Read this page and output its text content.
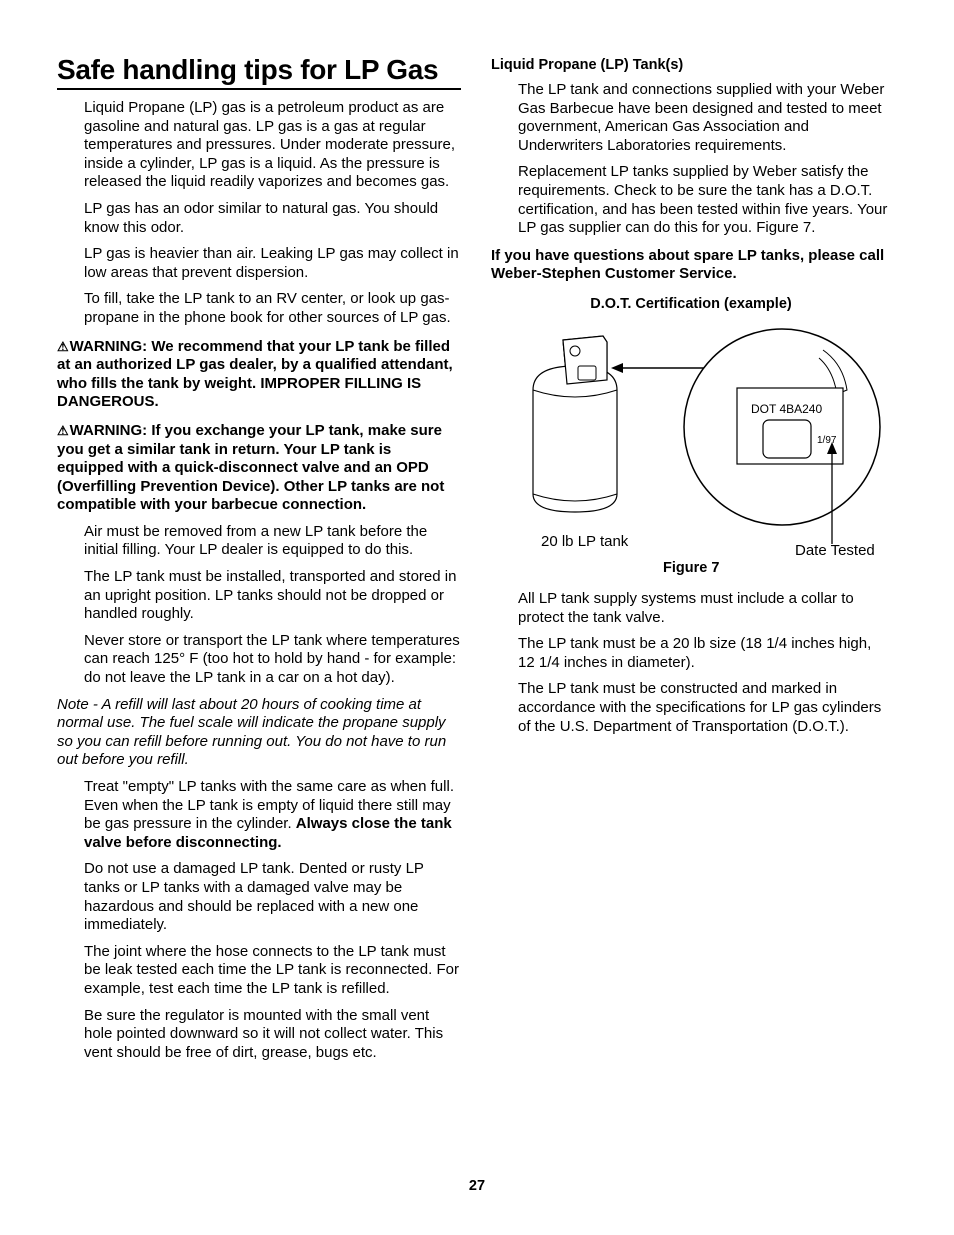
Safe handling tips for LP Gas

Liquid Propane (LP) gas is a petroleum product as are gasoline and natural gas. LP gas is a gas at regular temperatures and pressures. Under moderate pressure, inside a cylinder, LP gas is a liquid. As the pressure is released the liquid readily vaporizes and becomes gas.

LP gas has an odor similar to natural gas. You should know this odor.

LP gas is heavier than air. Leaking LP gas may collect in low areas that prevent dispersion.

To fill, take the LP tank to an RV center, or look up gas-propane in the phone book for other sources of LP gas.

⚠WARNING: We recommend that your LP tank be filled at an authorized LP gas dealer, by a qualified attendant, who fills the tank by weight. IMPROPER FILLING IS DANGEROUS.

⚠WARNING: If you exchange your LP tank, make sure you get a similar tank in return. Your LP tank is equipped with a quick-disconnect valve and an OPD (Overfilling Prevention Device). Other LP tanks are not compatible with your barbecue connection.

Air must be removed from a new LP tank before the initial filling. Your LP dealer is equipped to do this.

The LP tank must be installed, transported and stored in an upright position. LP tanks should not be dropped or handled roughly.

Never store or transport the LP tank where temperatures can reach 125° F (too hot to hold by hand - for example: do not leave the LP tank in a car on a hot day).

Note - A refill will last about 20 hours of cooking time at normal use. The fuel scale will indicate the propane supply so you can refill before running out. You do not have to run out before you refill.

Treat "empty" LP tanks with the same care as when full. Even when the LP tank is empty of liquid there still may be gas pressure in the cylinder. Always close the tank valve before disconnecting.

Do not use a damaged LP tank. Dented or rusty LP tanks or LP tanks with a damaged valve may be hazardous and should be replaced with a new one immediately.

The joint where the hose connects to the LP tank must be leak tested each time the LP tank is reconnected. For example, test each time the LP tank is refilled.

Be sure the regulator is mounted with the small vent hole pointed downward so it will not collect water. This vent should be free of dirt, grease, bugs etc.

Liquid Propane (LP) Tank(s)

The LP tank and connections supplied with your Weber Gas Barbecue have been designed and tested to meet government, American Gas Association and Underwriters Laboratories requirements.

Replacement LP tanks supplied by Weber satisfy the requirements. Check to be sure the tank has a D.O.T. certification, and has been tested within five years. Your LP gas supplier can do this for you. Figure 7.

If you have questions about spare LP tanks, please call Weber-Stephen Customer Service.

D.O.T. Certification (example)

DOT 4BA240
1/97
20 lb LP tank
Date Tested
Figure 7

All LP tank supply systems must include a collar to protect the tank valve.

The LP tank must be a 20 lb size (18 1/4 inches high, 12 1/4 inches in diameter).

The LP tank must be constructed and marked in accordance with the specifications for LP gas cylinders of the U.S. Department of Transportation (D.O.T.).

27
